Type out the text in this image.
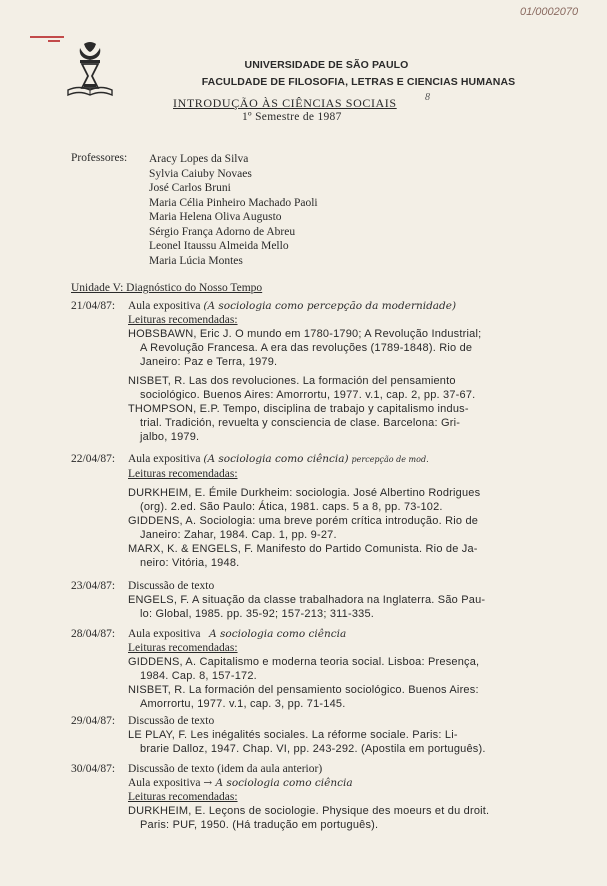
01/0002070
UNIVERSIDADE DE SÃO PAULO
FACULDADE DE FILOSOFIA, LETRAS E CIENCIAS HUMANAS
INTRODUÇÃO ÀS CIÊNCIAS SOCIAIS	8
1º Semestre de 1987
Professores: Aracy Lopes da Silva
Sylvia Caiuby Novaes
José Carlos Bruni
Maria Célia Pinheiro Machado Paoli
Maria Helena Oliva Augusto
Sérgio França Adorno de Abreu
Leonel Itaussu Almeida Mello
Maria Lúcia Montes
Unidade V: Diagnóstico do Nosso Tempo
21/04/87: Aula expositiva (A sociologia como percepção da modernidade)
Leituras recomendadas:
HOBSBAWN, Eric J. O mundo em 1780-1790; A Revolução Industrial;
A Revolução Francesa. A era das revoluções (1789-1848). Rio de
Janeiro: Paz e Terra, 1979.
NISBET, R. Las dos revoluciones. La formación del pensamiento
sociológico. Buenos Aires: Amorrortu, 1977. v.1, cap. 2, pp. 37-67.
THOMPSON, E.P. Tempo, disciplina de trabajo y capitalismo indus-
trial. Tradición, revuelta y consciencia de clase. Barcelona: Gri-
jalbo, 1979.
22/04/87: Aula expositiva (A sociologia como ciência) percepção de mod.
Leituras recomendadas:
DURKHEIM, E. Émile Durkheim: sociologia. José Albertino Rodrigues
(org). 2.ed. São Paulo: Ática, 1981. caps. 5 a 8, pp. 73-102.
GIDDENS, A. Sociologia: uma breve porém crítica introdução. Rio de
Janeiro: Zahar, 1984. Cap. 1, pp. 9-27.
MARX, K. & ENGELS, F. Manifesto do Partido Comunista. Rio de Ja-
neiro: Vitória, 1948.
23/04/87: Discussão de texto
ENGELS, F. A situação da classe trabalhadora na Inglaterra. São Pau-
lo: Global, 1985. pp. 35-92; 157-213; 311-335.
28/04/87: Aula expositiva A sociologia como ciência
Leituras recomendadas:
GIDDENS, A. Capitalismo e moderna teoria social. Lisboa: Presença,
1984. Cap. 8, 157-172.
NISBET, R. La formación del pensamiento sociológico. Buenos Aires:
Amorrortu, 1977. v.1, cap. 3, pp. 71-145.
29/04/87: Discussão de texto
LE PLAY, F. Les inégalités sociales. La réforme sociale. Paris: Li-
brarie Dalloz, 1947. Chap. VI, pp. 243-292. (Apostila em português).
30/04/87: Discussão de texto (idem da aula anterior)
Aula expositiva → A sociologia como ciência
Leituras recomendadas:
DURKHEIM, E. Leçons de sociologie. Physique des moeurs et du droit.
Paris: PUF, 1950. (Há tradução em português).
